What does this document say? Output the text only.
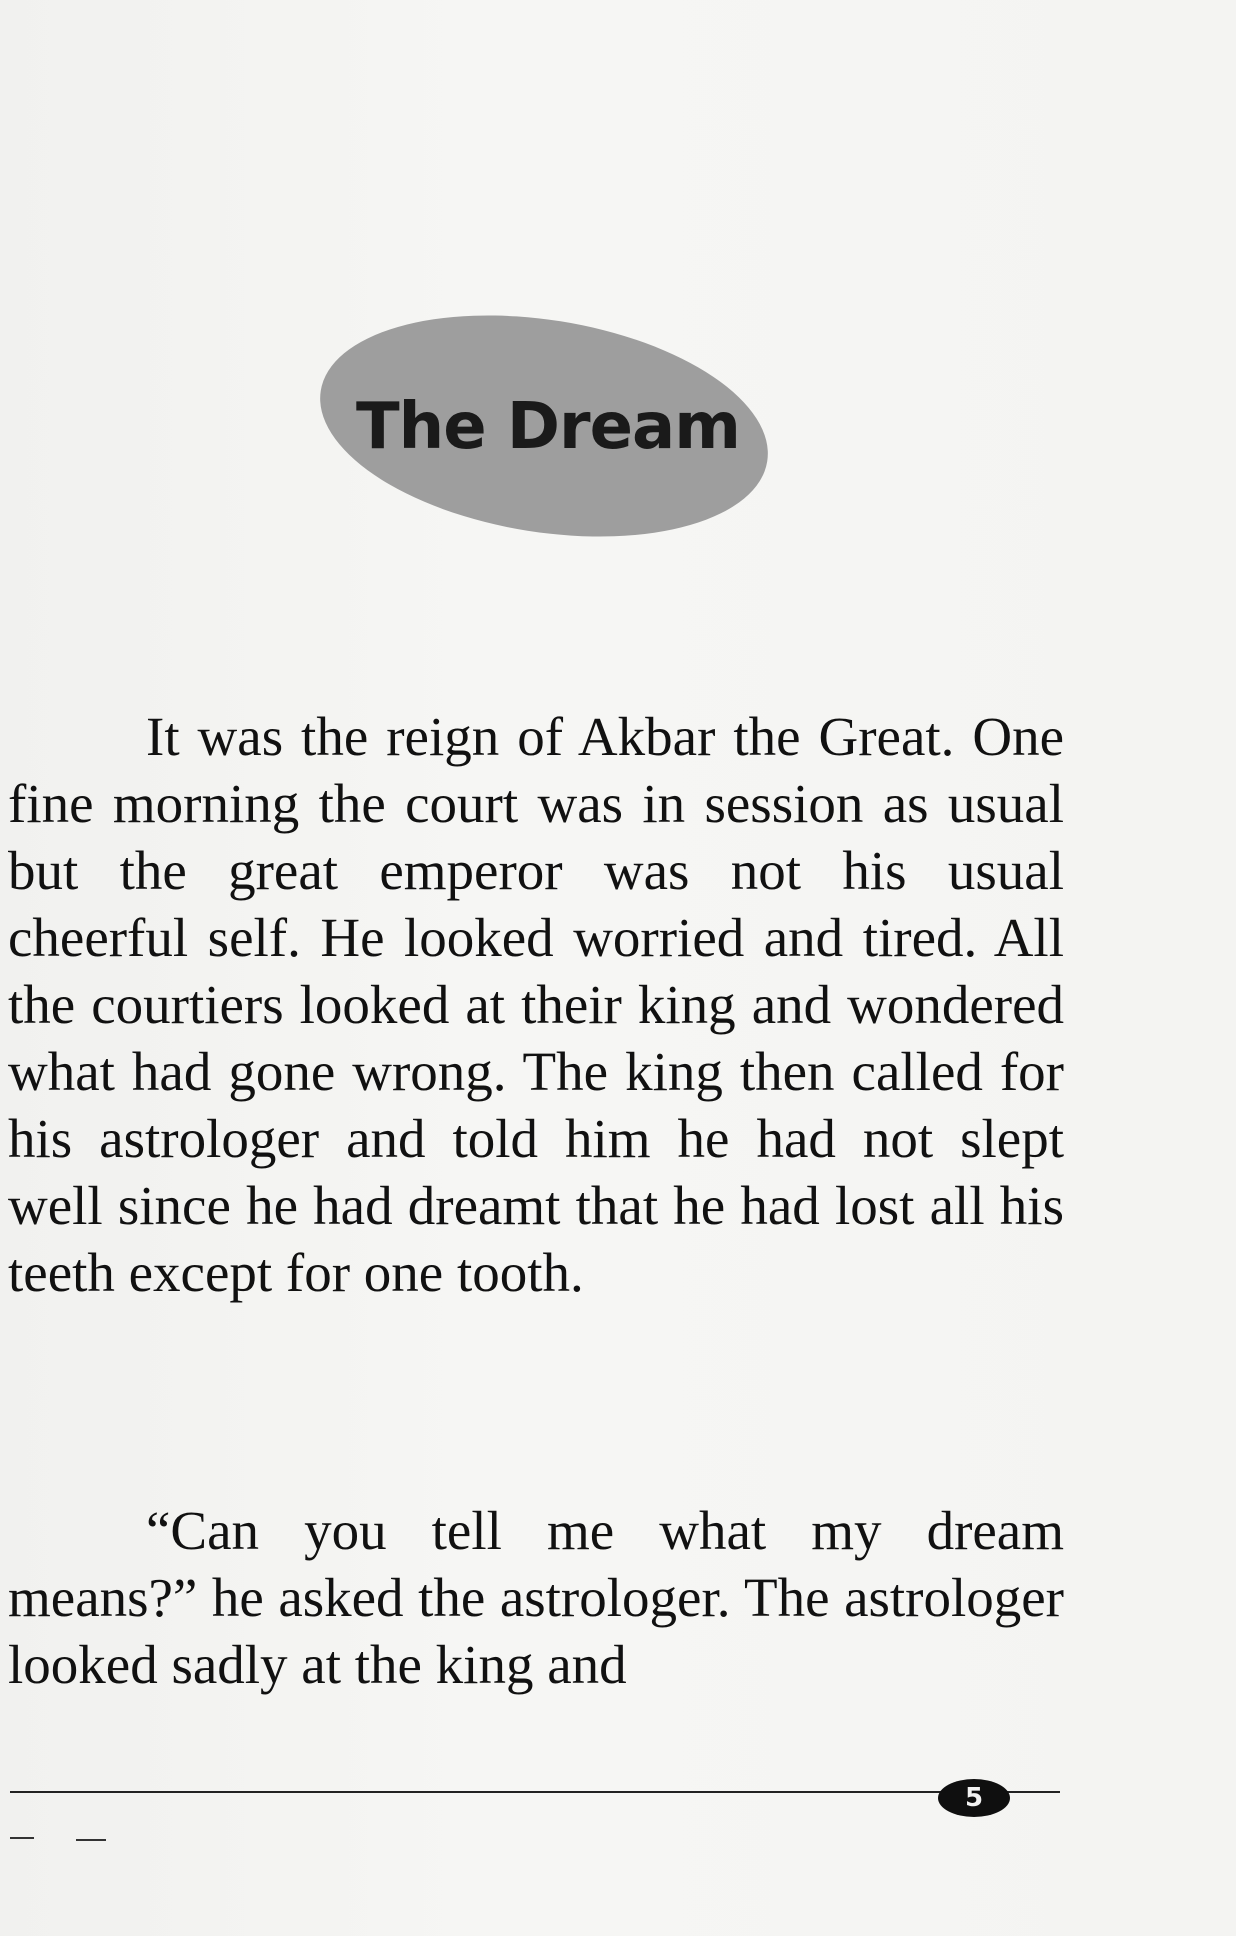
The Dream

It was the reign of Akbar the Great. One fine morning the court was in session as usual but the great emperor was not his usual cheerful self. He looked worried and tired. All the courtiers looked at their king and wondered what had gone wrong. The king then called for his astrologer and told him he had not slept well since he had dreamt that he had lost all his teeth except for one tooth.

“Can you tell me what my dream means?” he asked the astrologer. The astrologer looked sadly at the king and

5
